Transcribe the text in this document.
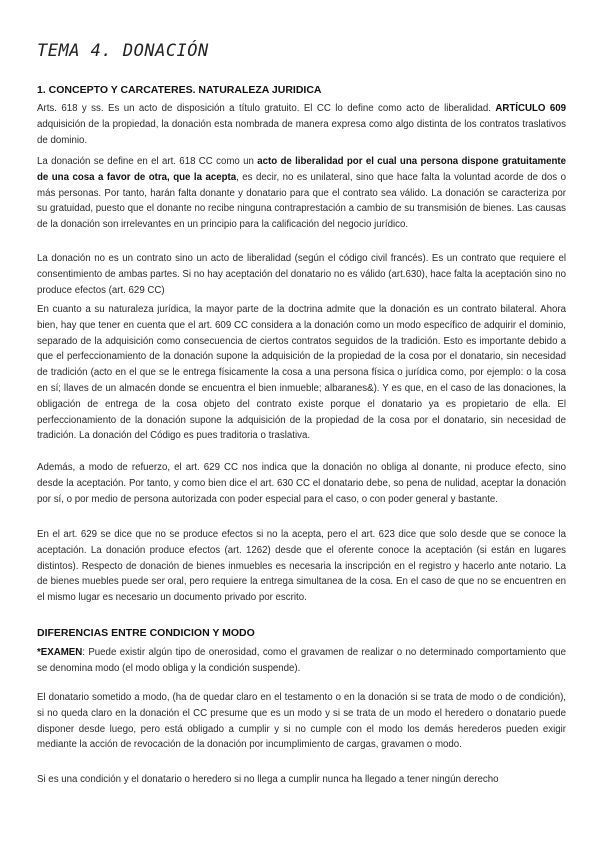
TEMA 4. DONACIÓN
1. CONCEPTO Y CARCATERES. NATURALEZA JURIDICA

Arts. 618 y ss. Es un acto de disposición a título gratuito. El CC lo define como acto de liberalidad. ARTÍCULO 609 adquisición de la propiedad, la donación esta nombrada de manera expresa como algo distinta de los contratos traslativos de dominio.

La donación se define en el art. 618 CC como un acto de liberalidad por el cual una persona dispone gratuitamente de una cosa a favor de otra, que la acepta, es decir, no es unilateral, sino que hace falta la voluntad acorde de dos o más personas. Por tanto, harán falta donante y donatario para que el contrato sea válido. La donación se caracteriza por su gratuidad, puesto que el donante no recibe ninguna contraprestación a cambio de su transmisión de bienes. Las causas de la donación son irrelevantes en un principio para la calificación del negocio jurídico.

La donación no es un contrato sino un acto de liberalidad (según el código civil francés). Es un contrato que requiere el consentimiento de ambas partes. Si no hay aceptación del donatario no es válido (art.630), hace falta la aceptación sino no produce efectos (art. 629 CC)

En cuanto a su naturaleza jurídica, la mayor parte de la doctrina admite que la donación es un contrato bilateral. Ahora bien, hay que tener en cuenta que el art. 609 CC considera a la donación como un modo específico de adquirir el dominio, separado de la adquisición como consecuencia de ciertos contratos seguidos de la tradición. Esto es importante debido a que el perfeccionamiento de la donación supone la adquisición de la propiedad de la cosa por el donatario, sin necesidad de tradición (acto en el que se le entrega físicamente la cosa a una persona física o jurídica como, por ejemplo: o la cosa en sí; llaves de un almacén donde se encuentra el bien inmueble; albaranes&). Y es que, en el caso de las donaciones, la obligación de entrega de la cosa objeto del contrato existe porque el donatario ya es propietario de ella. El perfeccionamiento de la donación supone la adquisición de la propiedad de la cosa por el donatario, sin necesidad de tradición. La donación del Código es pues traditoria o traslativa.

Además, a modo de refuerzo, el art. 629 CC nos indica que la donación no obliga al donante, ni produce efecto, sino desde la aceptación. Por tanto, y como bien dice el art. 630 CC el donatario debe, so pena de nulidad, aceptar la donación por sí, o por medio de persona autorizada con poder especial para el caso, o con poder general y bastante.

En el art. 629 se dice que no se produce efectos si no la acepta, pero el art. 623 dice que solo desde que se conoce la aceptación. La donación produce efectos (art. 1262) desde que el oferente conoce la aceptación (si están en lugares distintos). Respecto de donación de bienes inmuebles es necesaria la inscripción en el registro y hacerlo ante notario. La de bienes muebles puede ser oral, pero requiere la entrega simultanea de la cosa. En el caso de que no se encuentren en el mismo lugar es necesario un documento privado por escrito.

DIFERENCIAS ENTRE CONDICION Y MODO

*EXAMEN: Puede existir algún tipo de onerosidad, como el gravamen de realizar o no determinado comportamiento que se denomina modo (el modo obliga y la condición suspende).

El donatario sometido a modo, (ha de quedar claro en el testamento o en la donación si se trata de modo o de condición), si no queda claro en la donación el CC presume que es un modo y si se trata de un modo el heredero o donatario puede disponer desde luego, pero está obligado a cumplir y si no cumple con el modo los demás herederos pueden exigir mediante la acción de revocación de la donación por incumplimiento de cargas, gravamen o modo.

Si es una condición y el donatario o heredero si no llega a cumplir nunca ha llegado a tener ningún derecho
